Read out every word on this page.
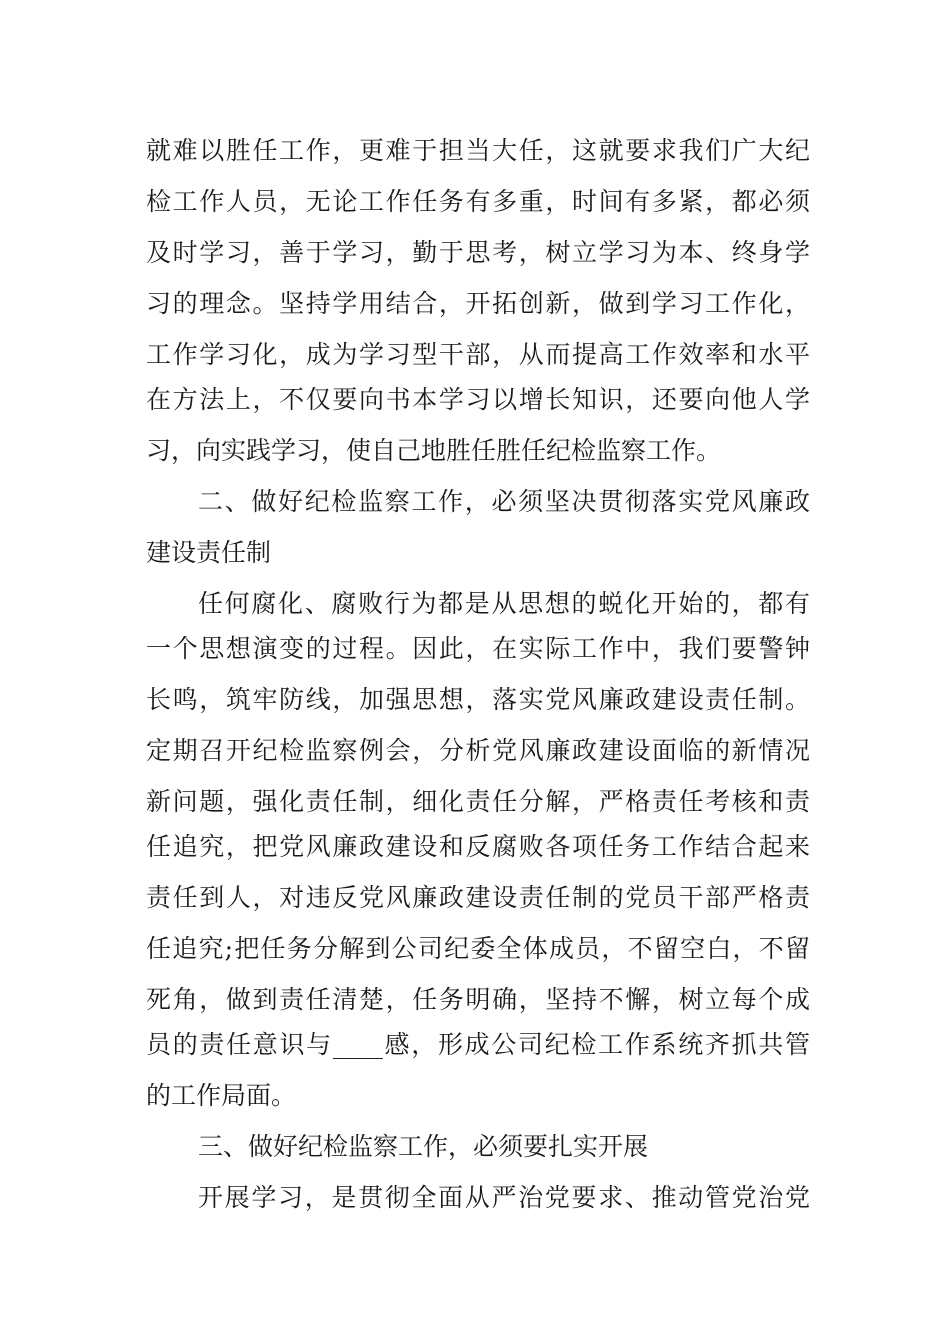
就难以胜任工作，更难于担当大任，这就要求我们广大纪
检工作人员，无论工作任务有多重，时间有多紧，都必须
及时学习，善于学习，勤于思考，树立学习为本、终身学
习的理念。坚持学用结合，开拓创新，做到学习工作化，
工作学习化，成为学习型干部，从而提高工作效率和水平
在方法上，不仅要向书本学习以增长知识，还要向他人学
习，向实践学习，使自己地胜任胜任纪检监察工作。
二、做好纪检监察工作，必须坚决贯彻落实党风廉政
建设责任制
任何腐化、腐败行为都是从思想的蜕化开始的，都有
一个思想演变的过程。因此，在实际工作中，我们要警钟
长鸣，筑牢防线，加强思想，落实党风廉政建设责任制。
定期召开纪检监察例会，分析党风廉政建设面临的新情况
新问题，强化责任制，细化责任分解，严格责任考核和责
任追究，把党风廉政建设和反腐败各项任务工作结合起来
责任到人，对违反党风廉政建设责任制的党员干部严格责
任追究;把任务分解到公司纪委全体成员，不留空白，不留
死角，做到责任清楚，任务明确，坚持不懈，树立每个成
员的责任意识与____感，形成公司纪检工作系统齐抓共管
的工作局面。
三、做好纪检监察工作，必须要扎实开展
开展学习，是贯彻全面从严治党要求、推动管党治党
